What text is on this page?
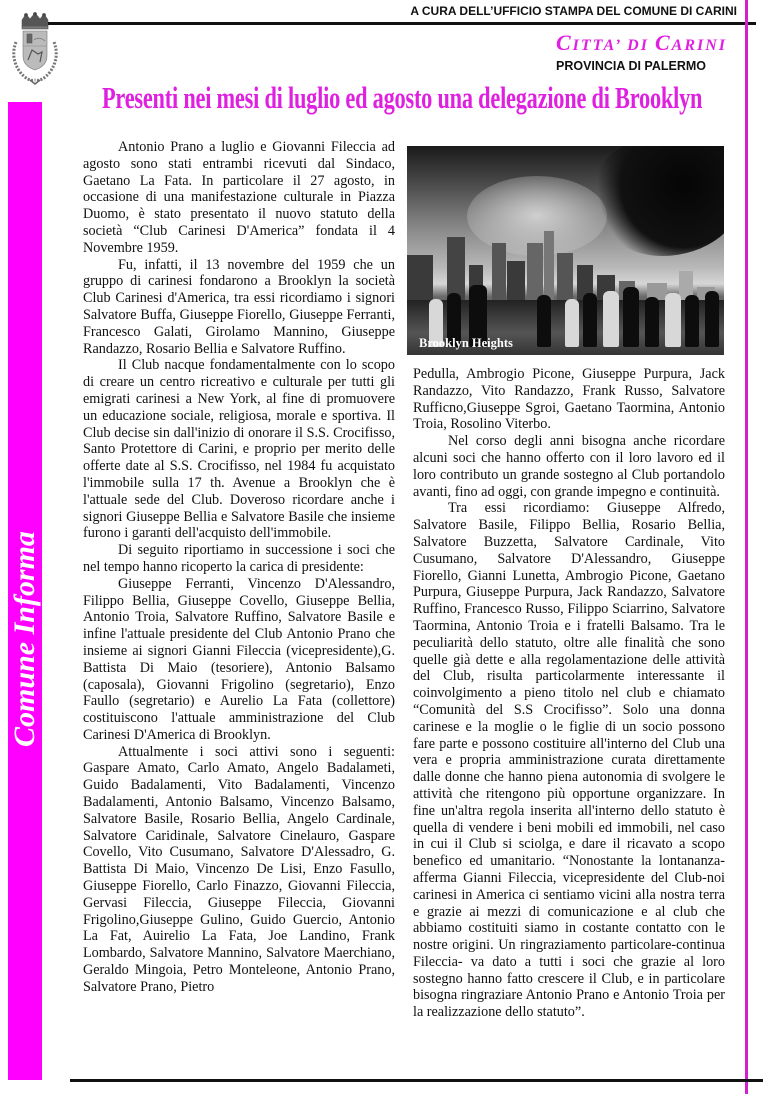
A CURA DELL’UFFICIO STAMPA DEL COMUNE DI CARINI
CITTA’ DI CARINI
PROVINCIA DI PALERMO
Presenti nei mesi di luglio ed agosto una delegazione di Brooklyn
Comune Informa

Antonio Prano a luglio e Giovanni Fileccia ad agosto sono stati entrambi ricevuti dal Sindaco, Gaetano La Fata. In particolare il 27 agosto, in occasione di una manifestazione culturale in Piazza Duomo, è stato presentato il nuovo statuto della società “Club Carinesi D'America” fondata il 4 Novembre 1959.

Fu, infatti, il 13 novembre del 1959 che un gruppo di carinesi fondarono a Brooklyn la società Club Carinesi d'America, tra essi ricordiamo i signori Salvatore Buffa, Giuseppe Fiorello, Giuseppe Ferranti, Francesco Galati, Girolamo Mannino, Giuseppe Randazzo, Rosario Bellia e Salvatore Ruffino.

Il Club nacque fondamentalmente con lo scopo di creare un centro ricreativo e culturale per tutti gli emigrati carinesi a New York, al fine di promuovere un educazione sociale, religiosa, morale e sportiva. Il Club decise sin dall'inizio di onorare il S.S. Crocifisso, Santo Protettore di Carini, e proprio per merito delle offerte date al S.S. Crocifisso, nel 1984 fu acquistato l'immobile sulla 17 th. Avenue a Brooklyn che è l'attuale sede del Club. Doveroso ricordare anche i signori Giuseppe Bellia e Salvatore Basile che insieme furono i garanti dell'acquisto dell'immobile.

Di seguito riportiamo in successione i soci che nel tempo hanno ricoperto la carica di presidente:

Giuseppe Ferranti, Vincenzo D'Alessandro, Filippo Bellia, Giuseppe Covello, Giuseppe Bellia, Antonio Troia, Salvatore Ruffino, Salvatore Basile e infine l'attuale presidente del Club Antonio Prano che insieme ai signori Gianni Fileccia (vicepresidente),G. Battista Di Maio (tesoriere), Antonio Balsamo (caposala), Giovanni Frigolino (segretario), Enzo Faullo (segretario) e Aurelio La Fata (collettore) costituiscono l'attuale amministrazione del Club Carinesi D'America di Brooklyn.

Attualmente i soci attivi sono i seguenti: Gaspare Amato, Carlo Amato, Angelo Badalameti, Guido Badalamenti, Vito Badalamenti, Vincenzo Badalamenti, Antonio Balsamo, Vincenzo Balsamo, Salvatore Basile, Rosario Bellia, Angelo Cardinale, Salvatore Caridinale, Salvatore Cinelauro, Gaspare Covello, Vito Cusumano, Salvatore D'Alessadro, G. Battista Di Maio, Vincenzo De Lisi, Enzo Fasullo, Giuseppe Fiorello, Carlo Finazzo, Giovanni Fileccia, Gervasi Fileccia, Giuseppe Fileccia, Giovanni Frigolino,Giuseppe Gulino, Guido Guercio, Antonio La Fat, Auirelio La Fata, Joe Landino, Frank Lombardo, Salvatore Mannino, Salvatore Maerchiano, Geraldo Mingoia, Petro Monteleone, Antonio Prano, Salvatore Prano, Pietro

Brooklyn Heights

Pedulla, Ambrogio Picone, Giuseppe Purpura, Jack Randazzo, Vito Randazzo, Frank Russo, Salvatore Rufficno,Giuseppe Sgroi, Gaetano Taormina, Antonio Troia, Rosolino Viterbo.

Nel corso degli anni bisogna anche ricordare alcuni soci che hanno offerto con il loro lavoro ed il loro contributo un grande sostegno al Club portandolo avanti, fino ad oggi, con grande impegno e continuità.

Tra essi ricordiamo: Giuseppe Alfredo, Salvatore Basile, Filippo Bellia, Rosario Bellia, Salvatore Buzzetta, Salvatore Cardinale, Vito Cusumano, Salvatore D'Alessandro, Giuseppe Fiorello, Gianni Lunetta, Ambrogio Picone, Gaetano Purpura, Giuseppe Purpura, Jack Randazzo, Salvatore Ruffino, Francesco Russo, Filippo Sciarrino, Salvatore Taormina, Antonio Troia e i fratelli Balsamo. Tra le peculiarità dello statuto, oltre alle finalità che sono quelle già dette e alla regolamentazione delle attività del Club, risulta particolarmente interessante il coinvolgimento a pieno titolo nel club e chiamato “Comunità del S.S Crocifisso”. Solo una donna carinese e la moglie o le figlie di un socio possono fare parte e possono costituire all'interno del Club una vera e propria amministrazione curata direttamente dalle donne che hanno piena autonomia di svolgere le attività che ritengono più opportune organizzare. In fine un'altra regola inserita all'interno dello statuto è quella di vendere i beni mobili ed immobili, nel caso in cui il Club si sciolga, e dare il ricavato a scopo benefico ed umanitario. “Nonostante la lontananza-afferma Gianni Fileccia, vicepresidente del Club-noi carinesi in America ci sentiamo vicini alla nostra terra e grazie ai mezzi di comunicazione e al club che abbiamo costituiti siamo in costante contatto con le nostre origini. Un ringraziamento particolare-continua Fileccia- va dato a tutti i soci che grazie al loro sostegno hanno fatto crescere il Club, e in particolare bisogna ringraziare Antonio Prano e Antonio Troia per la realizzazione dello statuto”.
